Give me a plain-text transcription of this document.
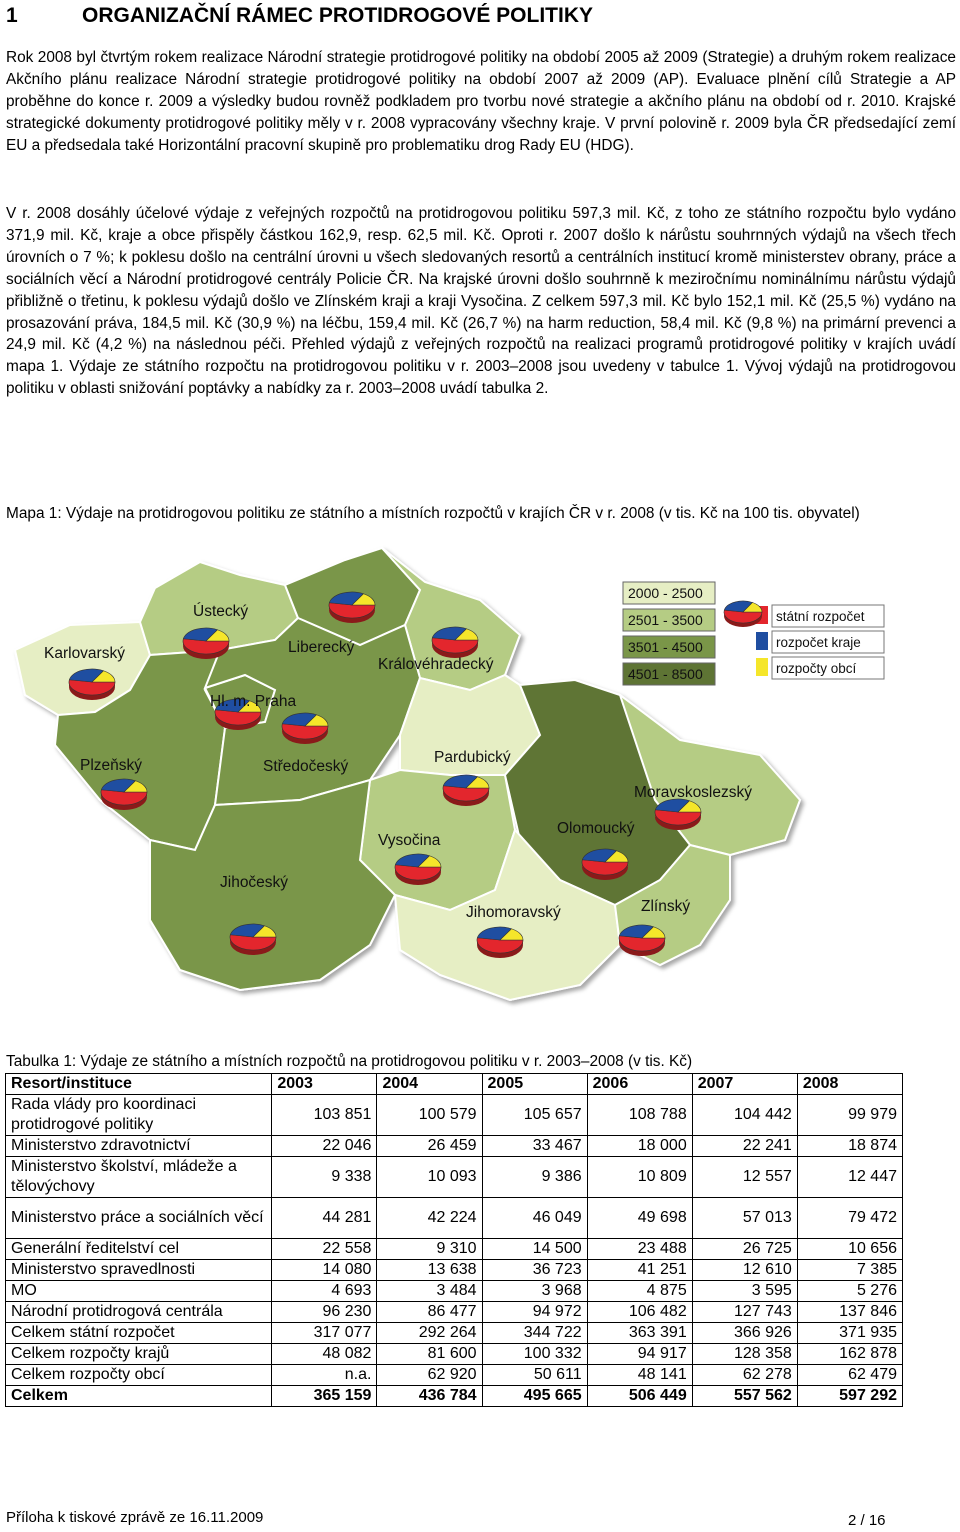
1	ORGANIZAČNÍ RÁMEC PROTIDROGOVÉ POLITIKY
Rok 2008 byl čtvrtým rokem realizace Národní strategie protidrogové politiky na období 2005 až 2009 (Strategie) a druhým rokem realizace Akčního plánu realizace Národní strategie protidrogové politiky na období 2007 až 2009 (AP). Evaluace plnění cílů Strategie a AP proběhne do konce r. 2009 a výsledky budou rovněž podkladem pro tvorbu nové strategie a akčního plánu na období od r. 2010. Krajské strategické dokumenty protidrogové politiky měly v r. 2008 vypracovány všechny kraje. V první polovině r. 2009 byla ČR předsedající zemí EU a předsedala také Horizontální pracovní skupině pro problematiku drog Rady EU (HDG).
V r. 2008 dosáhly účelové výdaje z veřejných rozpočtů na protidrogovou politiku 597,3 mil. Kč, z toho ze státního rozpočtu bylo vydáno 371,9 mil. Kč, kraje a obce přispěly částkou 162,9, resp. 62,5 mil. Kč. Oproti r. 2007 došlo k nárůstu souhrnných výdajů na všech třech úrovních o 7 %; k poklesu došlo na centrální úrovni u všech sledovaných resortů a centrálních institucí kromě ministerstev obrany, práce a sociálních věcí a Národní protidrogové centrály Policie ČR. Na krajské úrovni došlo souhrnně k meziročnímu nominálnímu nárůstu výdajů přibližně o třetinu, k poklesu výdajů došlo ve Zlínském kraji a kraji Vysočina. Z celkem 597,3 mil. Kč bylo 152,1 mil. Kč (25,5 %) vydáno na prosazování práva, 184,5 mil. Kč (30,9 %) na léčbu, 159,4 mil. Kč (26,7 %) na harm reduction, 58,4 mil. Kč (9,8 %) na primární prevenci a 24,9 mil. Kč (4,2 %) na následnou péči. Přehled výdajů z veřejných rozpočtů na realizaci programů protidrogové politiky v krajích uvádí mapa 1. Výdaje ze státního rozpočtu na protidrogovou politiku v r. 2003–2008 jsou uvedeny v tabulce 1. Vývoj výdajů na protidrogovou politiku v oblasti snižování poptávky a nabídky za r. 2003–2008 uvádí tabulka 2.
Mapa 1: Výdaje na protidrogovou politiku ze státního a místních rozpočtů v krajích ČR v r. 2008 (v tis. Kč na 100 tis. obyvatel)
Karlovarský
Ústecký
Liberecký
Královéhradecký
Hl. m. Praha
Plzeňský	Středočeský
Pardubický
Moravskoslezský
Vysočina
Olomoucký
Jihočeský
Jihomoravský	Zlínský
2000 - 2500
2501 - 3500
3501 - 4500
4501 - 8500
státní rozpočet
rozpočet kraje
rozpočty obcí
Tabulka 1: Výdaje ze státního a místních rozpočtů na protidrogovou politiku v r. 2003–2008 (v tis. Kč)
Resort/instituce	2003	2004	2005	2006	2007	2008
Rada vlády pro koordinaci protidrogové politiky	103 851	100 579	105 657	108 788	104 442	99 979
Ministerstvo zdravotnictví	22 046	26 459	33 467	18 000	22 241	18 874
Ministerstvo školství, mládeže a tělovýchovy	9 338	10 093	9 386	10 809	12 557	12 447
Ministerstvo práce a sociálních věcí	44 281	42 224	46 049	49 698	57 013	79 472
Generální ředitelství cel	22 558	9 310	14 500	23 488	26 725	10 656
Ministerstvo spravedlnosti	14 080	13 638	36 723	41 251	12 610	7 385
MO	4 693	3 484	3 968	4 875	3 595	5 276
Národní protidrogová centrála	96 230	86 477	94 972	106 482	127 743	137 846
Celkem státní rozpočet	317 077	292 264	344 722	363 391	366 926	371 935
Celkem rozpočty krajů	48 082	81 600	100 332	94 917	128 358	162 878
Celkem rozpočty obcí	n.a.	62 920	50 611	48 141	62 278	62 479
Celkem	365 159	436 784	495 665	506 449	557 562	597 292
Příloha k tiskové zprávě ze 16.11.2009	2 / 16
